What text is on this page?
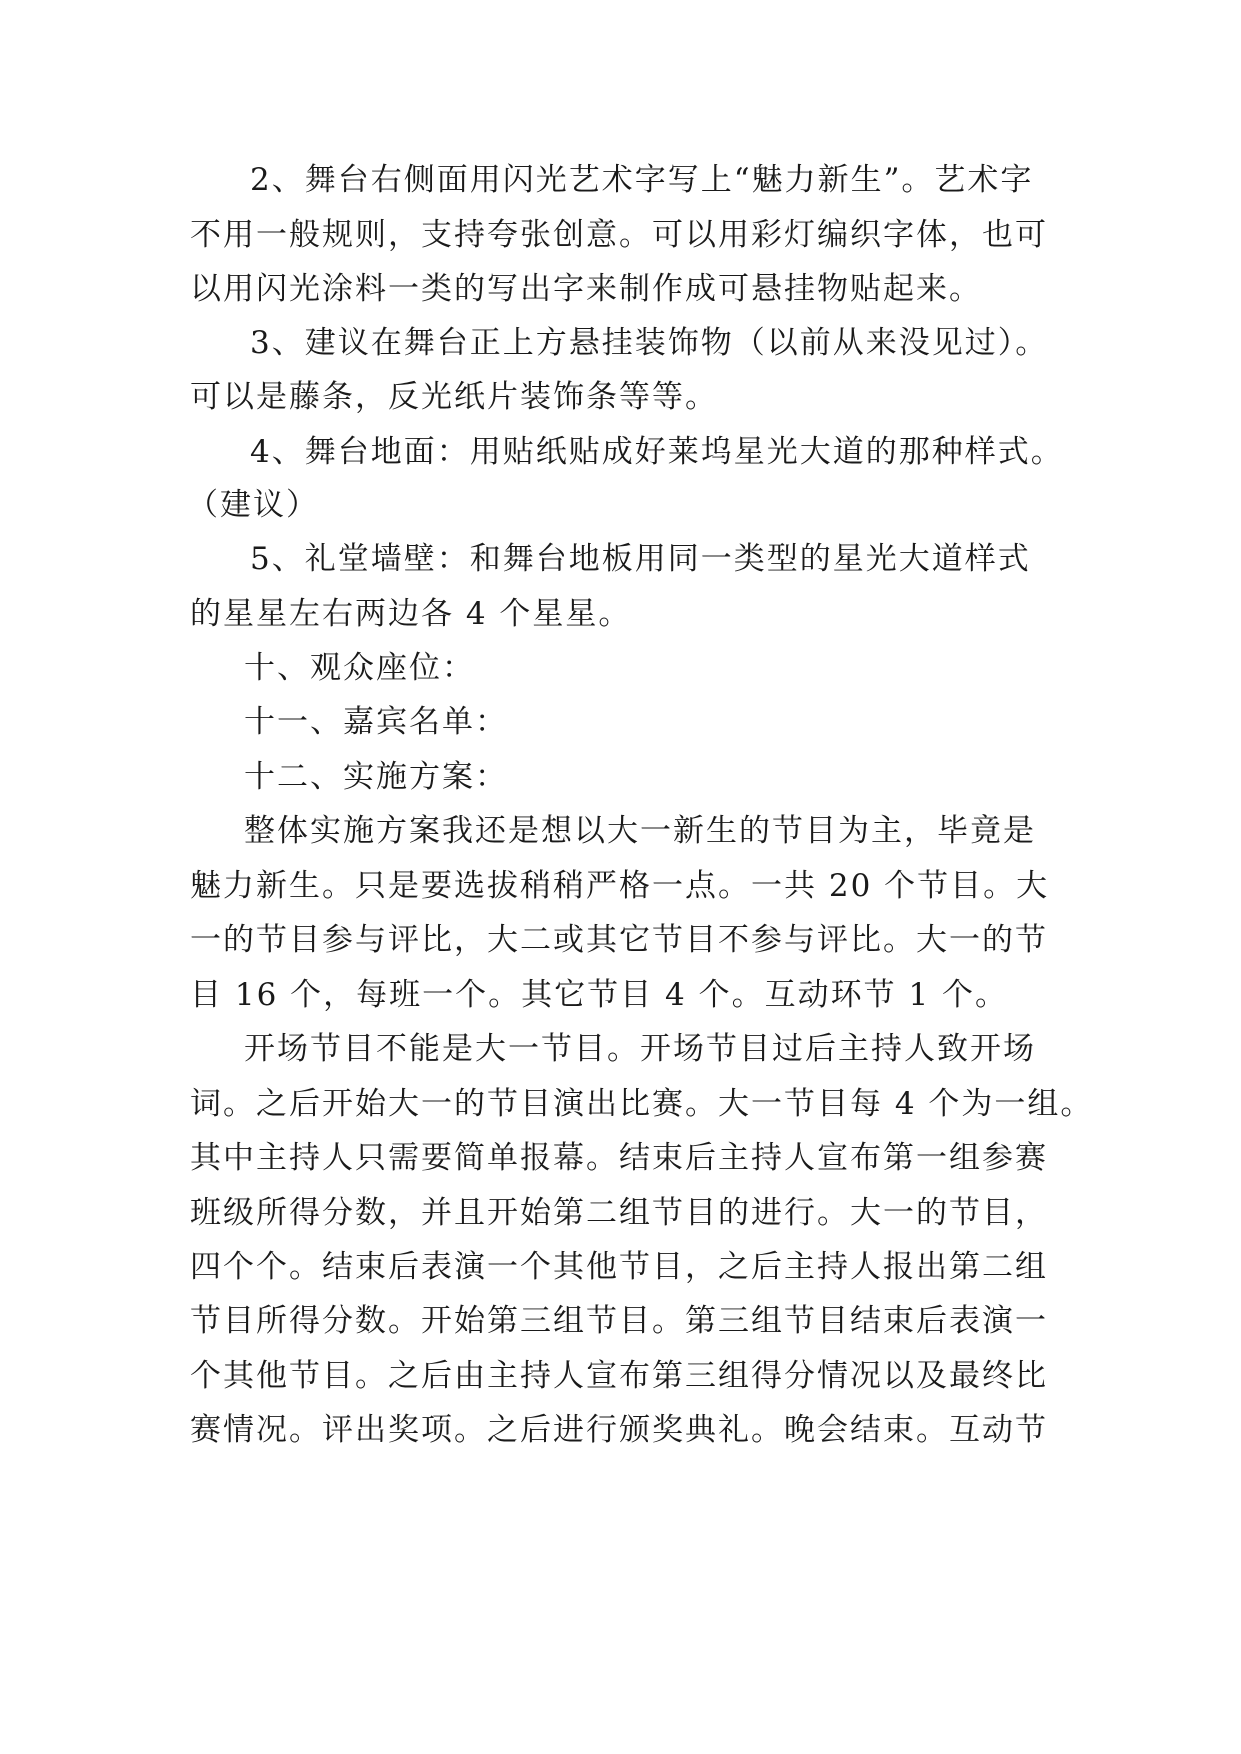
2、舞台右侧面用闪光艺术字写上“魅力新生”。艺术字
不用一般规则，支持夸张创意。可以用彩灯编织字体，也可
以用闪光涂料一类的写出字来制作成可悬挂物贴起来。
3、建议在舞台正上方悬挂装饰物（以前从来没见过）。
可以是藤条，反光纸片装饰条等等。
4、舞台地面：用贴纸贴成好莱坞星光大道的那种样式。
（建议）
5、礼堂墙壁：和舞台地板用同一类型的星光大道样式
的星星左右两边各 4 个星星。
十、观众座位：
十一、嘉宾名单：
十二、实施方案：
整体实施方案我还是想以大一新生的节目为主，毕竟是
魅力新生。只是要选拔稍稍严格一点。一共 20 个节目。大
一的节目参与评比，大二或其它节目不参与评比。大一的节
目 16 个，每班一个。其它节目 4 个。互动环节 1 个。
开场节目不能是大一节目。开场节目过后主持人致开场
词。之后开始大一的节目演出比赛。大一节目每 4 个为一组。
其中主持人只需要简单报幕。结束后主持人宣布第一组参赛
班级所得分数，并且开始第二组节目的进行。大一的节目，
四个个。结束后表演一个其他节目，之后主持人报出第二组
节目所得分数。开始第三组节目。第三组节目结束后表演一
个其他节目。之后由主持人宣布第三组得分情况以及最终比
赛情况。评出奖项。之后进行颁奖典礼。晚会结束。互动节
